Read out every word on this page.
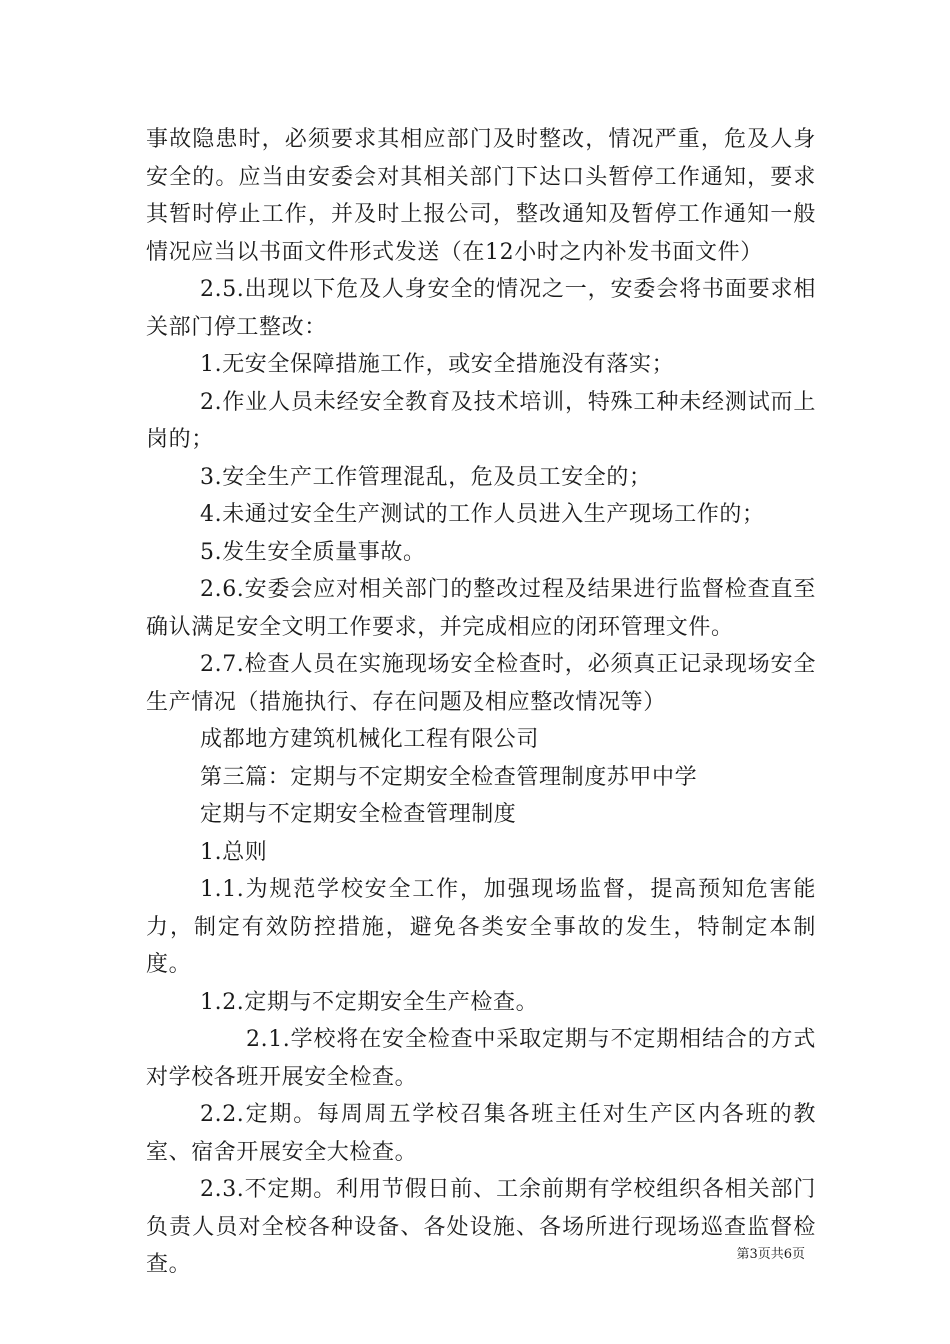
事故隐患时，必须要求其相应部门及时整改，情况严重，危及人身安全的。应当由安委会对其相关部门下达口头暂停工作通知，要求其暂时停止工作，并及时上报公司，整改通知及暂停工作通知一般情况应当以书面文件形式发送（在12小时之内补发书面文件）

2.5.出现以下危及人身安全的情况之一，安委会将书面要求相关部门停工整改：

1.无安全保障措施工作，或安全措施没有落实；

2.作业人员未经安全教育及技术培训，特殊工种未经测试而上岗的；

3.安全生产工作管理混乱，危及员工安全的；

4.未通过安全生产测试的工作人员进入生产现场工作的；

5.发生安全质量事故。

2.6.安委会应对相关部门的整改过程及结果进行监督检查直至确认满足安全文明工作要求，并完成相应的闭环管理文件。

2.7.检查人员在实施现场安全检查时，必须真正记录现场安全生产情况（措施执行、存在问题及相应整改情况等）

成都地方建筑机械化工程有限公司

第三篇：定期与不定期安全检查管理制度苏甲中学

定期与不定期安全检查管理制度

1.总则

1.1.为规范学校安全工作，加强现场监督，提高预知危害能力，制定有效防控措施，避免各类安全事故的发生，特制定本制度。

1.2.定期与不定期安全生产检查。

2.1.学校将在安全检查中采取定期与不定期相结合的方式对学校各班开展安全检查。

2.2.定期。每周周五学校召集各班主任对生产区内各班的教室、宿舍开展安全大检查。

2.3.不定期。利用节假日前、工余前期有学校组织各相关部门负责人员对全校各种设备、各处设施、各场所进行现场巡查监督检查。	第3页共6页
